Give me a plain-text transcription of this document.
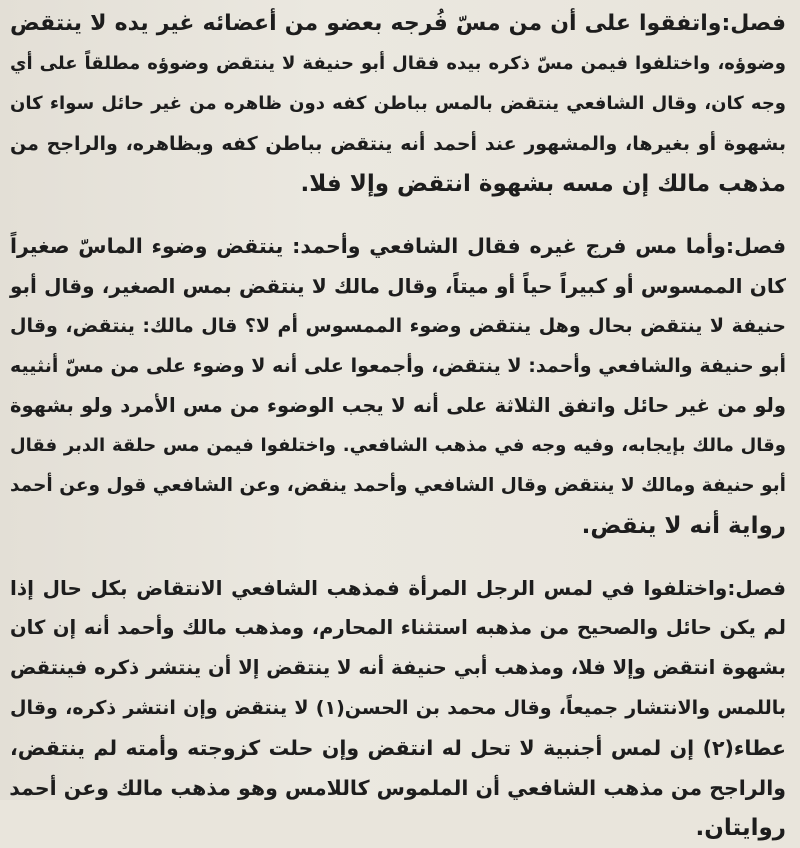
فصل:واتفقوا على أن من مسّ فُرجه بعضو من أعضائه غير يده لا ينتقض
وضوؤه، واختلفوا فيمن مسّ ذكره بيده فقال أبو حنيفة لا ينتقض وضوؤه مطلقاً على أي
وجه كان، وقال الشافعي ينتقض بالمس بباطن كفه دون ظاهره من غير حائل سواء كان
بشهوة أو بغيرها، والمشهور عند أحمد أنه ينتقض بباطن كفه وبظاهره، والراجح من
مذهب مالك إن مسه بشهوة انتقض وإلا فلا.
فصل:وأما مس فرج غيره فقال الشافعي وأحمد: ينتقض وضوء الماسّ صغيراً
كان الممسوس أو كبيراً حياً أو ميتاً، وقال مالك لا ينتقض بمس الصغير، وقال أبو
حنيفة لا ينتقض بحال وهل ينتقض وضوء الممسوس أم لا؟ قال مالك: ينتقض، وقال
أبو حنيفة والشافعي وأحمد: لا ينتقض، وأجمعوا على أنه لا وضوء على من مسّ أنثييه
ولو من غير حائل واتفق الثلاثة على أنه لا يجب الوضوء من مس الأمرد ولو بشهوة
وقال مالك بإيجابه، وفيه وجه في مذهب الشافعي. واختلفوا فيمن مس حلقة الدبر فقال
أبو حنيفة ومالك لا ينتقض وقال الشافعي وأحمد ينقض، وعن الشافعي قول وعن أحمد
رواية أنه لا ينقض.
فصل:واختلفوا في لمس الرجل المرأة فمذهب الشافعي الانتقاض بكل حال إذا
لم يكن حائل والصحيح من مذهبه استثناء المحارم، ومذهب مالك وأحمد أنه إن كان
بشهوة انتقض وإلا فلا، ومذهب أبي حنيفة أنه لا ينتقض إلا أن ينتشر ذكره فينتقض
باللمس والانتشار جميعاً، وقال محمد بن الحسن(١) لا ينتقض وإن انتشر ذكره، وقال
عطاء(٢) إن لمس أجنبية لا تحل له انتقض وإن حلت كزوجته وأمته لم ينتقض،
والراجح من مذهب الشافعي أن الملموس كاللامس وهو مذهب مالك وعن أحمد
روايتان.
